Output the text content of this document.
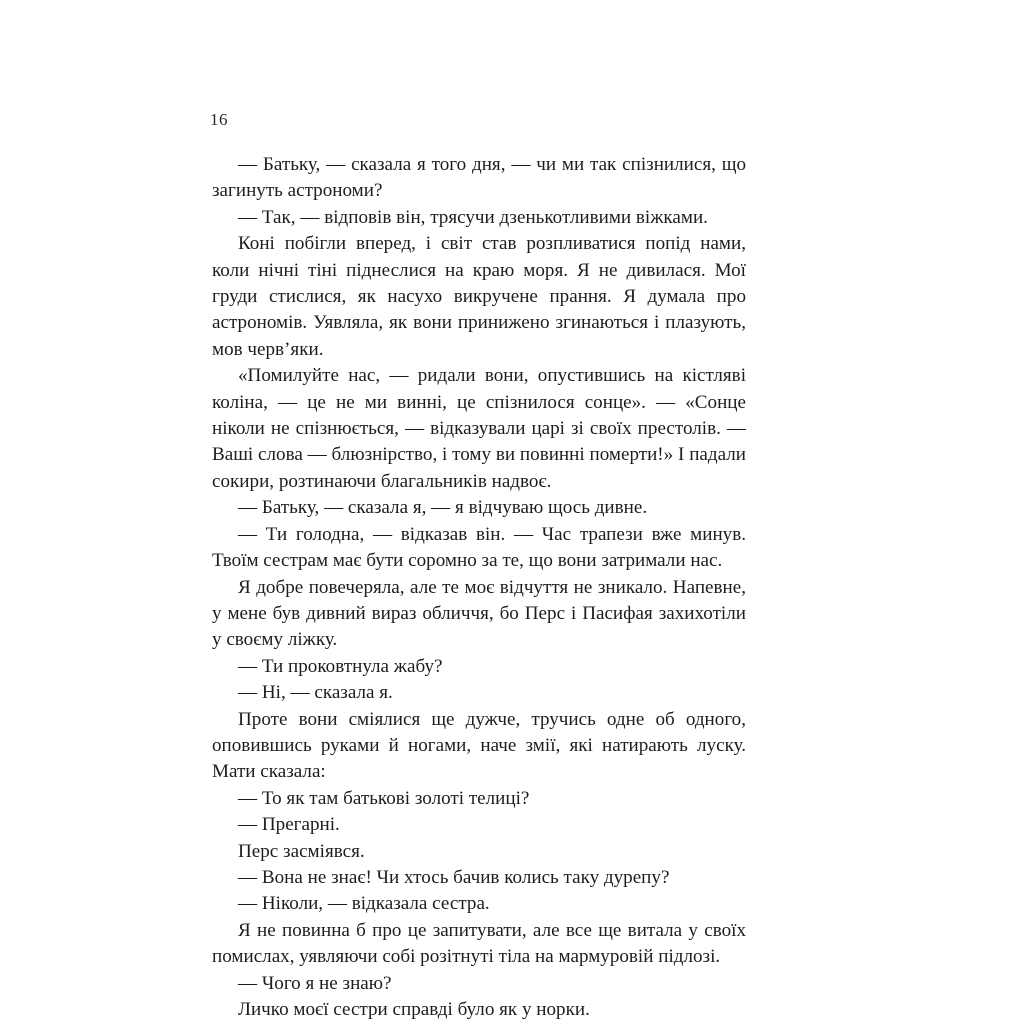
16

— Батьку, — сказала я того дня, — чи ми так спізнилися, що загинуть астрономи?

— Так, — відповів він, трясучи дзенькотливими віжками.

Коні побігли вперед, і світ став розпливатися попід нами, коли нічні тіні піднеслися на краю моря. Я не дивилася. Мої груди стислися, як насухо викручене прання. Я думала про астрономів. Уявляла, як вони принижено згинаються і плазують, мов черв’яки.

«Помилуйте нас, — ридали вони, опустившись на кістляві коліна, — це не ми винні, це спізнилося сонце». — «Сонце ніколи не спізнюється, — відказували царі зі своїх престолів. — Ваші слова — блюзнірство, і тому ви повинні померти!» І падали сокири, розтинаючи благальників надвоє.

— Батьку, — сказала я, — я відчуваю щось дивне.

— Ти голодна, — відказав він. — Час трапези вже минув. Твоїм сестрам має бути соромно за те, що вони затримали нас.

Я добре повечеряла, але те моє відчуття не зникало. Напевне, у мене був дивний вираз обличчя, бо Перс і Пасифая захихотіли у своєму ліжку.

— Ти проковтнула жабу?

— Ні, — сказала я.

Проте вони сміялися ще дужче, тручись одне об одного, оповившись руками й ногами, наче змії, які натирають луску. Мати сказала:

— То як там батькові золоті телиці?

— Прегарні.

Перс засміявся.

— Вона не знає! Чи хтось бачив колись таку дурепу?

— Ніколи, — відказала сестра.

Я не повинна б про це запитувати, але все ще витала у своїх помислах, уявляючи собі розітнуті тіла на мармуровій підлозі.

— Чого я не знаю?

Личко моєї сестри справді було як у норки.
